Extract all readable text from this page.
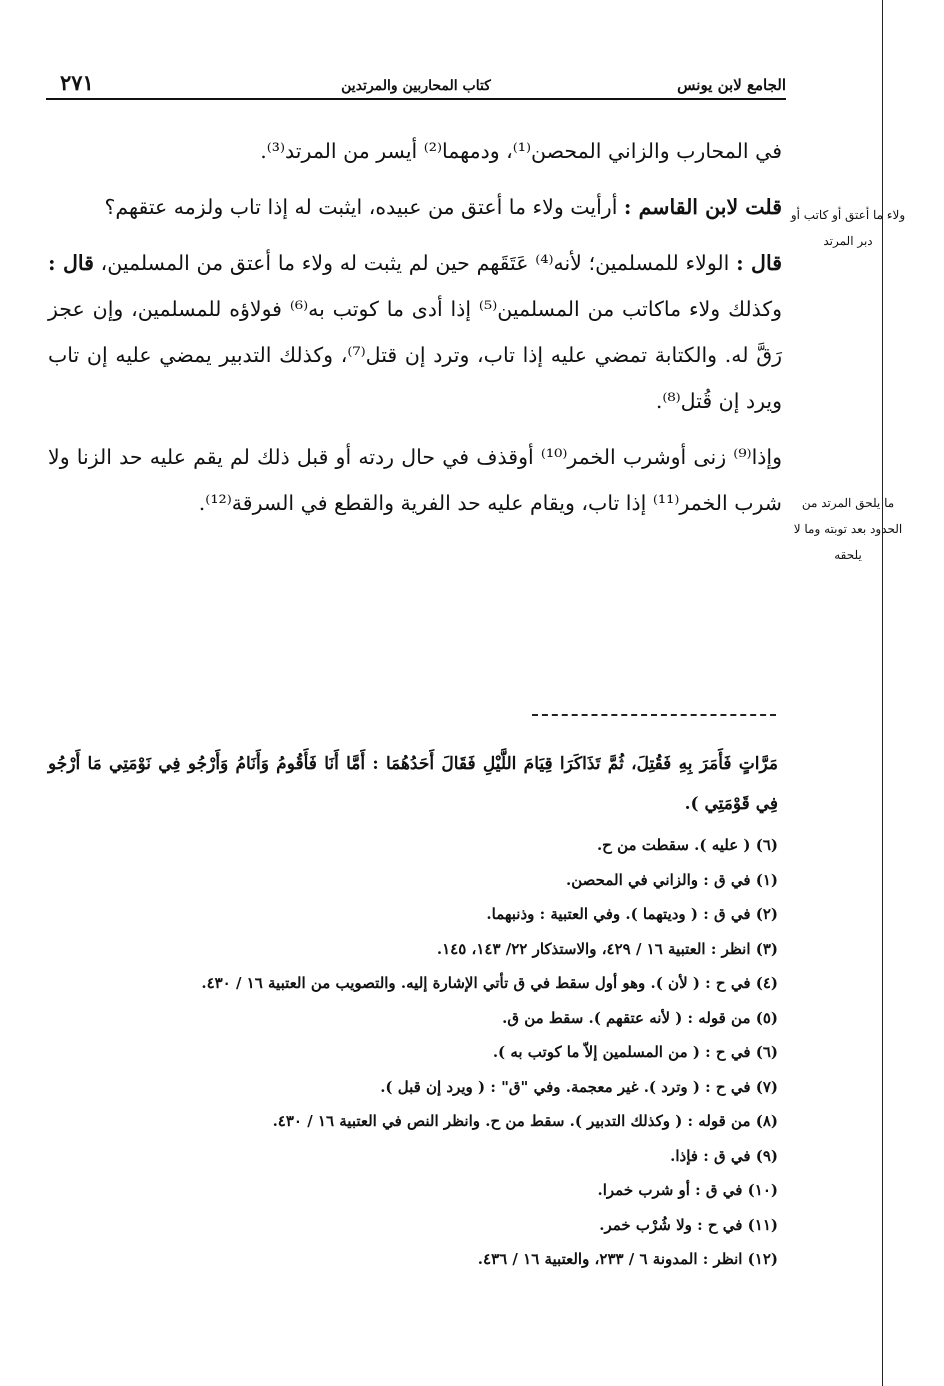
الجامع لابن يونس
كتاب المحاربين والمرتدين
٢٧١

في المحارب والزاني المحصن⁽¹⁾، ودمهما⁽²⁾ أيسر من المرتد⁽³⁾.

قلت لابن القاسم : أرأيت ولاء ما أعتق من عبيده، ايثبت له إذا تاب ولزمه عتقهم؟

قال : الولاء للمسلمين؛ لأنه⁽⁴⁾ عَتَقَهم حين لم يثبت له ولاء ما أعتق من المسلمين، قال : وكذلك ولاء ماكاتب من المسلمين⁽⁵⁾ إذا أدى ما كوتب به⁽⁶⁾ فولاؤه للمسلمين، وإن عجز رَقَّ له. والكتابة تمضي عليه إذا تاب، وترد إن قتل⁽⁷⁾، وكذلك التدبير يمضي عليه إن تاب ويرد إن قُتل⁽⁸⁾.

وإذا⁽⁹⁾ زنى أوشرب الخمر⁽¹⁰⁾ أوقذف في حال ردته أو قبل ذلك لم يقم عليه حد الزنا ولا شرب الخمر⁽¹¹⁾ إذا تاب، ويقام عليه حد الفرية والقطع في السرقة⁽¹²⁾.

ولاء ما أعتق أو كاتب أو دبر المرتد
ما يلحق المرتد من الحدود بعد توبته وما لا يلحقه
مَرَّاتٍ فَأَمَرَ بِهِ فَقُتِلَ، ثُمَّ تَذَاكَرَا قِيَامَ اللَّيْلِ فَقَالَ أَحَدُهُمَا : أَمَّا أَنَا فَأَقُومُ وَأَنَامُ وَأَرْجُو فِي نَوْمَتِي مَا أَرْجُو فِي قَوْمَتِي ).
(٦) ( عليه ). سقطت من ح.
(١) في ق : والزاني في المحصن.
(٢) في ق : ( وديتهما ). وفي العتبية : وذنبهما.
(٣) انظر : العتبية ١٦ / ٤٢٩، والاستذكار ٢٢/ ١٤٣، ١٤٥.
(٤) في ح : ( لأن ). وهو أول سقط في ق تأتي الإشارة إليه. والتصويب من العتبية ١٦ / ٤٣٠.
(٥) من قوله : ( لأنه عتقهم ). سقط من ق.
(٦) في ح : ( من المسلمين إلاّ ما كوتب به ).
(٧) في ح : ( وترد ). غير معجمة. وفي "ق" : ( ويرد إن قبل ).
(٨) من قوله : ( وكذلك التدبير ). سقط من ح. وانظر النص في العتبية ١٦ / ٤٣٠.
(٩) في ق : فإذا.
(١٠) في ق : أو شرب خمرا.
(١١) في ح : ولا شُرْب خمر.
(١٢) انظر : المدونة ٦ / ٢٣٣، والعتبية ١٦ / ٤٣٦.
